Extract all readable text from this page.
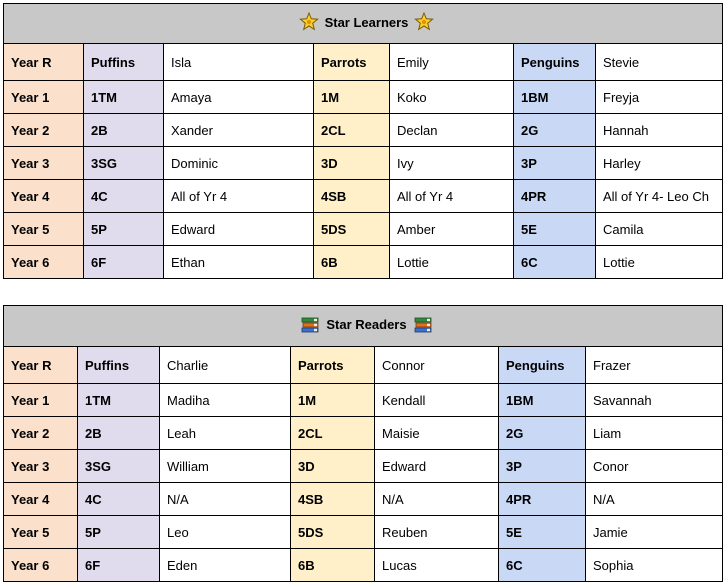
Star Learners						

Year R	Puffins	Isla	Parrots	Emily	Penguins	Stevie
Year 1	1TM	Amaya	1M	Koko	1BM	Freyja
Year 2	2B	Xander	2CL	Declan	2G	Hannah
Year 3	3SG	Dominic	3D	Ivy	3P	Harley
Year 4	4C	All of Yr 4	4SB	All of Yr 4	4PR	All of Yr 4- Leo Ch
Year 5	5P	Edward	5DS	Amber	5E	Camila
Year 6	6F	Ethan	6B	Lottie	6C	Lottie
Star Readers						

Year R	Puffins	Charlie	Parrots	Connor	Penguins	Frazer
Year 1	1TM	Madiha	1M	Kendall	1BM	Savannah
Year 2	2B	Leah	2CL	Maisie	2G	Liam
Year 3	3SG	William	3D	Edward	3P	Conor
Year 4	4C	N/A	4SB	N/A	4PR	N/A
Year 5	5P	Leo	5DS	Reuben	5E	Jamie
Year 6	6F	Eden	6B	Lucas	6C	Sophia
